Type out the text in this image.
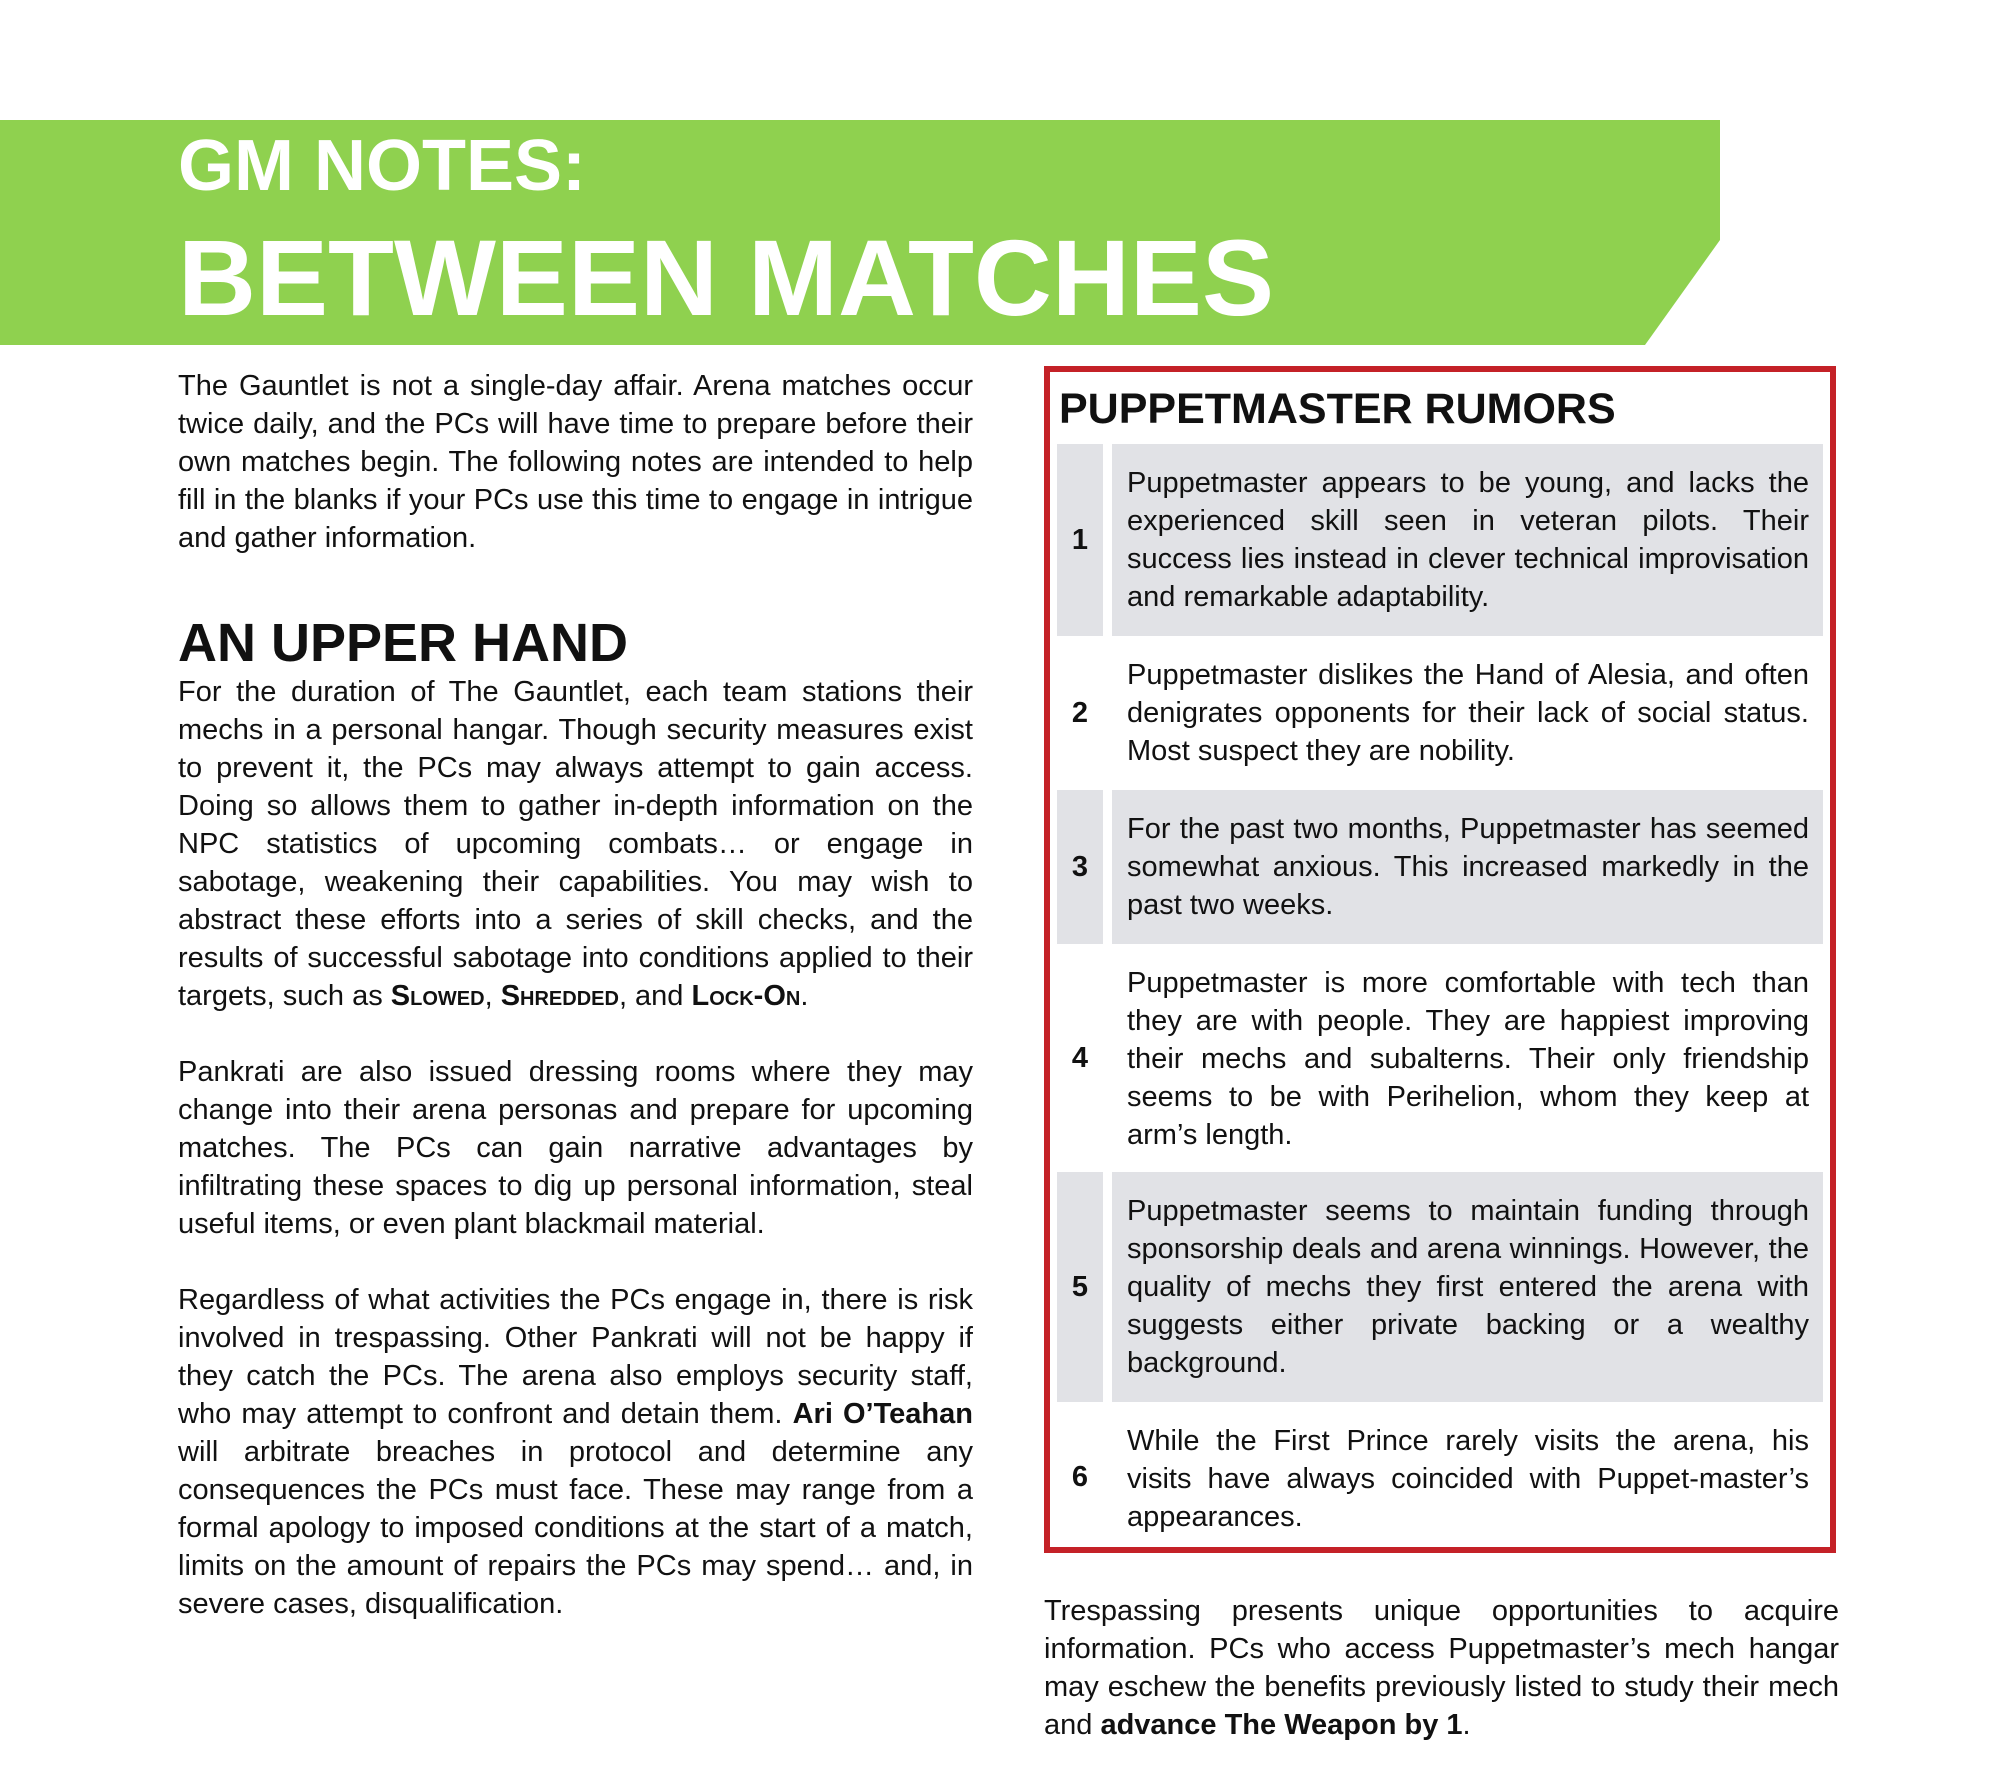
GM NOTES:
BETWEEN MATCHES

The Gauntlet is not a single-day affair. Arena matches occur twice daily, and the PCs will have time to prepare before their own matches begin. The following notes are intended to help fill in the blanks if your PCs use this time to engage in intrigue and gather information.

AN UPPER HAND

For the duration of The Gauntlet, each team stations their mechs in a personal hangar. Though security measures exist to prevent it, the PCs may always attempt to gain access. Doing so allows them to gather in-depth information on the NPC statistics of upcoming combats… or engage in sabotage, weakening their capabilities. You may wish to abstract these efforts into a series of skill checks, and the results of successful sabotage into conditions applied to their targets, such as Slowed, Shredded, and Lock-On.

Pankrati are also issued dressing rooms where they may change into their arena personas and prepare for upcoming matches. The PCs can gain narrative advantages by infiltrating these spaces to dig up personal information, steal useful items, or even plant blackmail material.

Regardless of what activities the PCs engage in, there is risk involved in trespassing. Other Pankrati will not be happy if they catch the PCs. The arena also employs security staff, who may attempt to confront and detain them. Ari O’Teahan will arbitrate breaches in protocol and determine any consequences the PCs must face. These may range from a formal apology to imposed conditions at the start of a match, limits on the amount of repairs the PCs may spend… and, in severe cases, disqualification.

PUPPETMASTER RUMORS
1
Puppetmaster appears to be young, and lacks the experienced skill seen in veteran pilots. Their success lies instead in clever technical improvisation and remarkable adaptability.
2
Puppetmaster dislikes the Hand of Alesia, and often denigrates opponents for their lack of social status. Most suspect they are nobility.
3
For the past two months, Puppetmaster has seemed somewhat anxious. This increased markedly in the past two weeks.
4
Puppetmaster is more comfortable with tech than they are with people. They are happiest improving their mechs and subalterns. Their only friendship seems to be with Perihelion, whom they keep at arm’s length.
5
Puppetmaster seems to maintain funding through sponsorship deals and arena winnings. However, the quality of mechs they first entered the arena with suggests either private backing or a wealthy background.
6
While the First Prince rarely visits the arena, his visits have always coincided with Puppet-master’s appearances.

Trespassing presents unique opportunities to acquire information. PCs who access Puppetmaster’s mech hangar may eschew the benefits previously listed to study their mech and advance The Weapon by 1.
